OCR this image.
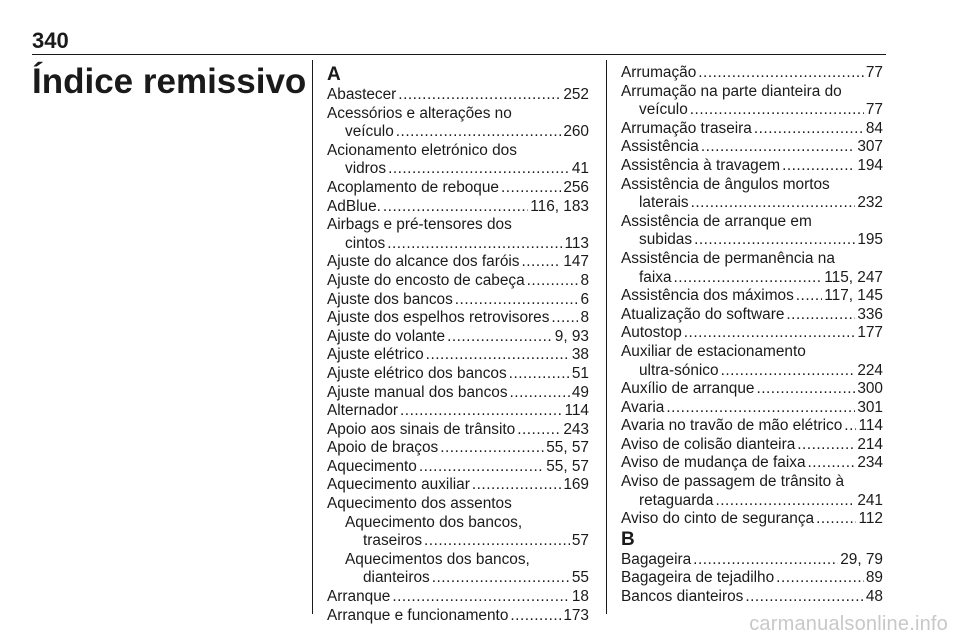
340
Índice remissivo A
Abastecer .....	252
Acessórios e alterações no
veículo .....	260
Acionamento eletrónico dos
vidros .....	41
Acoplamento de reboque .....	256
AdBlue. .....	116, 183
Airbags e pré-tensores dos
cintos .....	113
Ajuste do alcance dos faróis .....	147
Ajuste do encosto de cabeça .....	8
Ajuste dos bancos .....	6
Ajuste dos espelhos retrovisores ..... 8
Ajuste do volante .....	9, 93
Ajuste elétrico .....	38
Ajuste elétrico dos bancos .....	51
Ajuste manual dos bancos .....	49
Alternador .....	114
Apoio aos sinais de trânsito .....	243
Apoio de braços .....	55, 57
Aquecimento .....	55, 57
Aquecimento auxiliar .....	169
Aquecimento dos assentos
Aquecimento dos bancos,
traseiros .....	57
Aquecimentos dos bancos,
dianteiros .....	55
Arranque .....	18
Arranque e funcionamento .....	173
Arrumação .....	77
Arrumação na parte dianteira do
veículo .....	77
Arrumação traseira .....	84
Assistência .....	307
Assistência à travagem .....	194
Assistência de ângulos mortos
laterais .....	232
Assistência de arranque em
subidas .....	195
Assistência de permanência na
faixa .....	115, 247
Assistência dos máximos ..... 117, 145
Atualização do software .....	336
Autostop .....	177
Auxiliar de estacionamento
ultra-sónico .....	224
Auxílio de arranque .....	300
Avaria .....	301
Avaria no travão de mão elétrico ..... 114
Aviso de colisão dianteira .....	214
Aviso de mudança de faixa .....	234
Aviso de passagem de trânsito à
retaguarda .....	241
Aviso do cinto de segurança .....	112
B
Bagageira .....	29, 79
Bagageira de tejadilho .....	89
Bancos dianteiros .....	48
carmanualsonline.info
